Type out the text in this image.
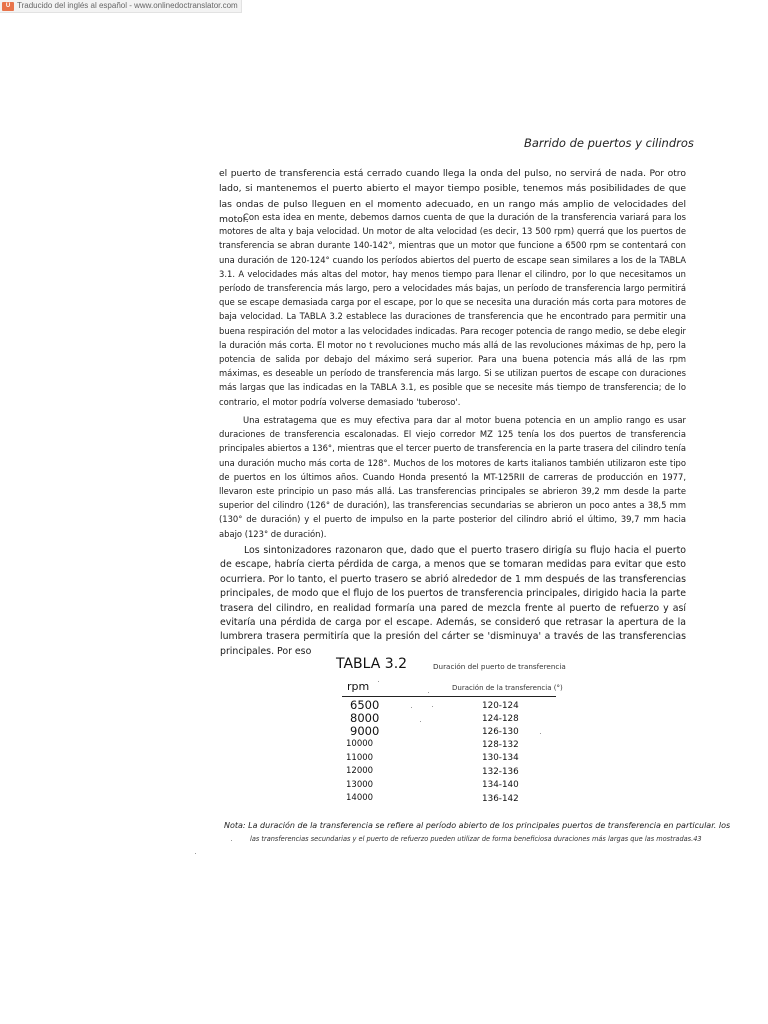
Ü Traducido del inglés al español - www.onlinedoctranslator.com
Barrido de puertos y cilindros

el puerto de transferencia está cerrado cuando llega la onda del pulso, no servirá de nada. Por otro lado, si mantenemos el puerto abierto el mayor tiempo posible, tenemos más posibilidades de que las ondas de pulso lleguen en el momento adecuado, en un rango más amplio de velocidades del motor.

Con esta idea en mente, debemos darnos cuenta de que la duración de la transferencia variará para los motores de alta y baja velocidad. Un motor de alta velocidad (es decir, 13 500 rpm) querrá que los puertos de transferencia se abran durante 140-142°, mientras que un motor que funcione a 6500 rpm se contentará con una duración de 120-124° cuando los períodos abiertos del puerto de escape sean similares a los de la TABLA 3.1. A velocidades más altas del motor, hay menos tiempo para llenar el cilindro, por lo que necesitamos un período de transferencia más largo, pero a velocidades más bajas, un período de transferencia largo permitirá que se escape demasiada carga por el escape, por lo que se necesita una duración más corta para motores de baja velocidad. La TABLA 3.2 establece las duraciones de transferencia que he encontrado para permitir una buena respiración del motor a las velocidades indicadas. Para recoger potencia de rango medio, se debe elegir la duración más corta. El motor no t revoluciones mucho más allá de las revoluciones máximas de hp, pero la potencia de salida por debajo del máximo será superior. Para una buena potencia más allá de las rpm máximas, es deseable un período de transferencia más largo. Si se utilizan puertos de escape con duraciones más largas que las indicadas en la TABLA 3.1, es posible que se necesite más tiempo de transferencia; de lo contrario, el motor podría volverse demasiado 'tuberoso'.

Una estratagema que es muy efectiva para dar al motor buena potencia en un amplio rango es usar duraciones de transferencia escalonadas. El viejo corredor MZ 125 tenía los dos puertos de transferencia principales abiertos a 136°, mientras que el tercer puerto de transferencia en la parte trasera del cilindro tenía una duración mucho más corta de 128°. Muchos de los motores de karts italianos también utilizaron este tipo de puertos en los últimos años. Cuando Honda presentó la MT-125RII de carreras de producción en 1977, llevaron este principio un paso más allá. Las transferencias principales se abrieron 39,2 mm desde la parte superior del cilindro (126° de duración), las transferencias secundarias se abrieron un poco antes a 38,5 mm (130° de duración) y el puerto de impulso en la parte posterior del cilindro abrió el último, 39,7 mm hacia abajo (123° de duración).

Los sintonizadores razonaron que, dado que el puerto trasero dirigía su flujo hacia el puerto de escape, habría cierta pérdida de carga, a menos que se tomaran medidas para evitar que esto ocurriera. Por lo tanto, el puerto trasero se abrió alrededor de 1 mm después de las transferencias principales, de modo que el flujo de los puertos de transferencia principales, dirigido hacia la parte trasera del cilindro, en realidad formaría una pared de mezcla frente al puerto de refuerzo y así evitaría una pérdida de carga por el escape. Además, se consideró que retrasar la apertura de la lumbrera trasera permitiría que la presión del cárter se 'disminuya' a través de las transferencias principales. Por eso

TABLA 3.2	Duración del puerto de transferencia
rpm	Duración de la transferencia (°)
6500	120-124
8000	124-128
9000	126-130
10000	128-132
11000	130-134
12000	132-136
13000	134-140
14000	136-142
Nota: La duración de la transferencia se refiere al período abierto de los principales puertos de transferencia en particular. los
las transferencias secundarias y el puerto de refuerzo pueden utilizar de forma beneficiosa duraciones más largas que las mostradas.43
